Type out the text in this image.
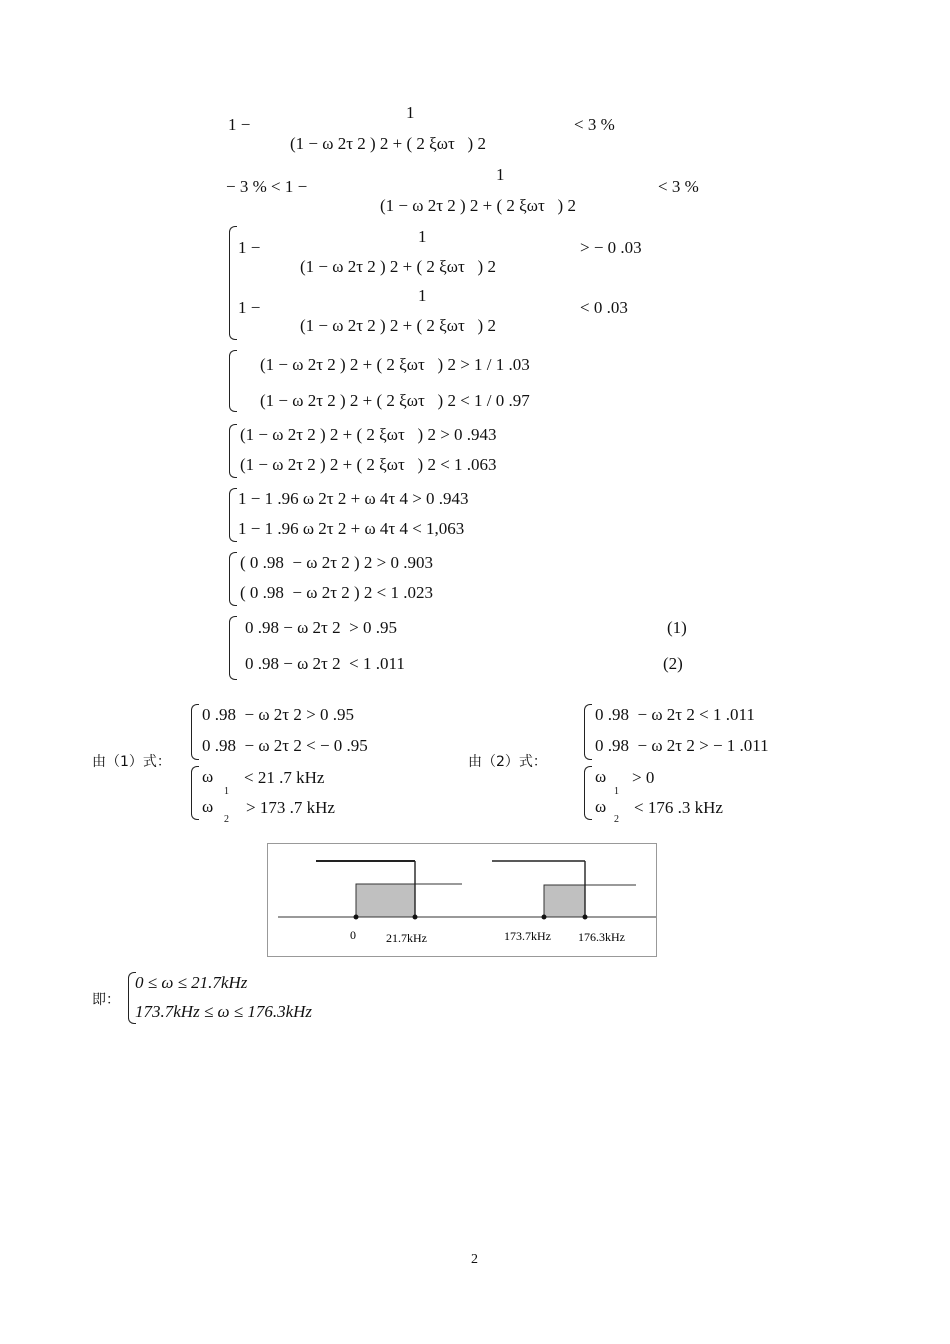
1 −
1
(1 − ω 2τ 2 ) 2 + ( 2 ξωτ   ) 2
< 3 %
− 3 % < 1 −
1
(1 − ω 2τ 2 ) 2 + ( 2 ξωτ   ) 2
< 3 %
1 −
1
(1 − ω 2τ 2 ) 2 + ( 2 ξωτ   ) 2
> − 0 .03
1 −
1
(1 − ω 2τ 2 ) 2 + ( 2 ξωτ   ) 2
< 0 .03
(1 − ω 2τ 2 ) 2 + ( 2 ξωτ   ) 2 > 1 / 1 .03
(1 − ω 2τ 2 ) 2 + ( 2 ξωτ   ) 2 < 1 / 0 .97
(1 − ω 2τ 2 ) 2 + ( 2 ξωτ   ) 2 > 0 .943
(1 − ω 2τ 2 ) 2 + ( 2 ξωτ   ) 2 < 1 .063
1 − 1 .96 ω 2τ 2 + ω 4τ 4 > 0 .943
1 − 1 .96 ω 2τ 2 + ω 4τ 4 < 1,063
( 0 .98  − ω 2τ 2 ) 2 > 0 .903
( 0 .98  − ω 2τ 2 ) 2 < 1 .023
0 .98 − ω 2τ 2  > 0 .95
0 .98 − ω 2τ 2  < 1 .011
(1)
(2)
由（1）式：
0 .98  − ω 2τ 2 > 0 .95
0 .98  − ω 2τ 2 < − 0 .95
ω
1
< 21 .7 kHz
ω
2
> 173 .7 kHz
由（2）式：
0 .98  − ω 2τ 2 < 1 .011
0 .98  − ω 2τ 2 > − 1 .011
ω
1
> 0
ω
2
< 176 .3 kHz
0	21.7kHz	173.7kHz 176.3kHz
即：
0 ≤ ω ≤ 21.7kHz
173.7kHz ≤ ω ≤ 176.3kHz
2
